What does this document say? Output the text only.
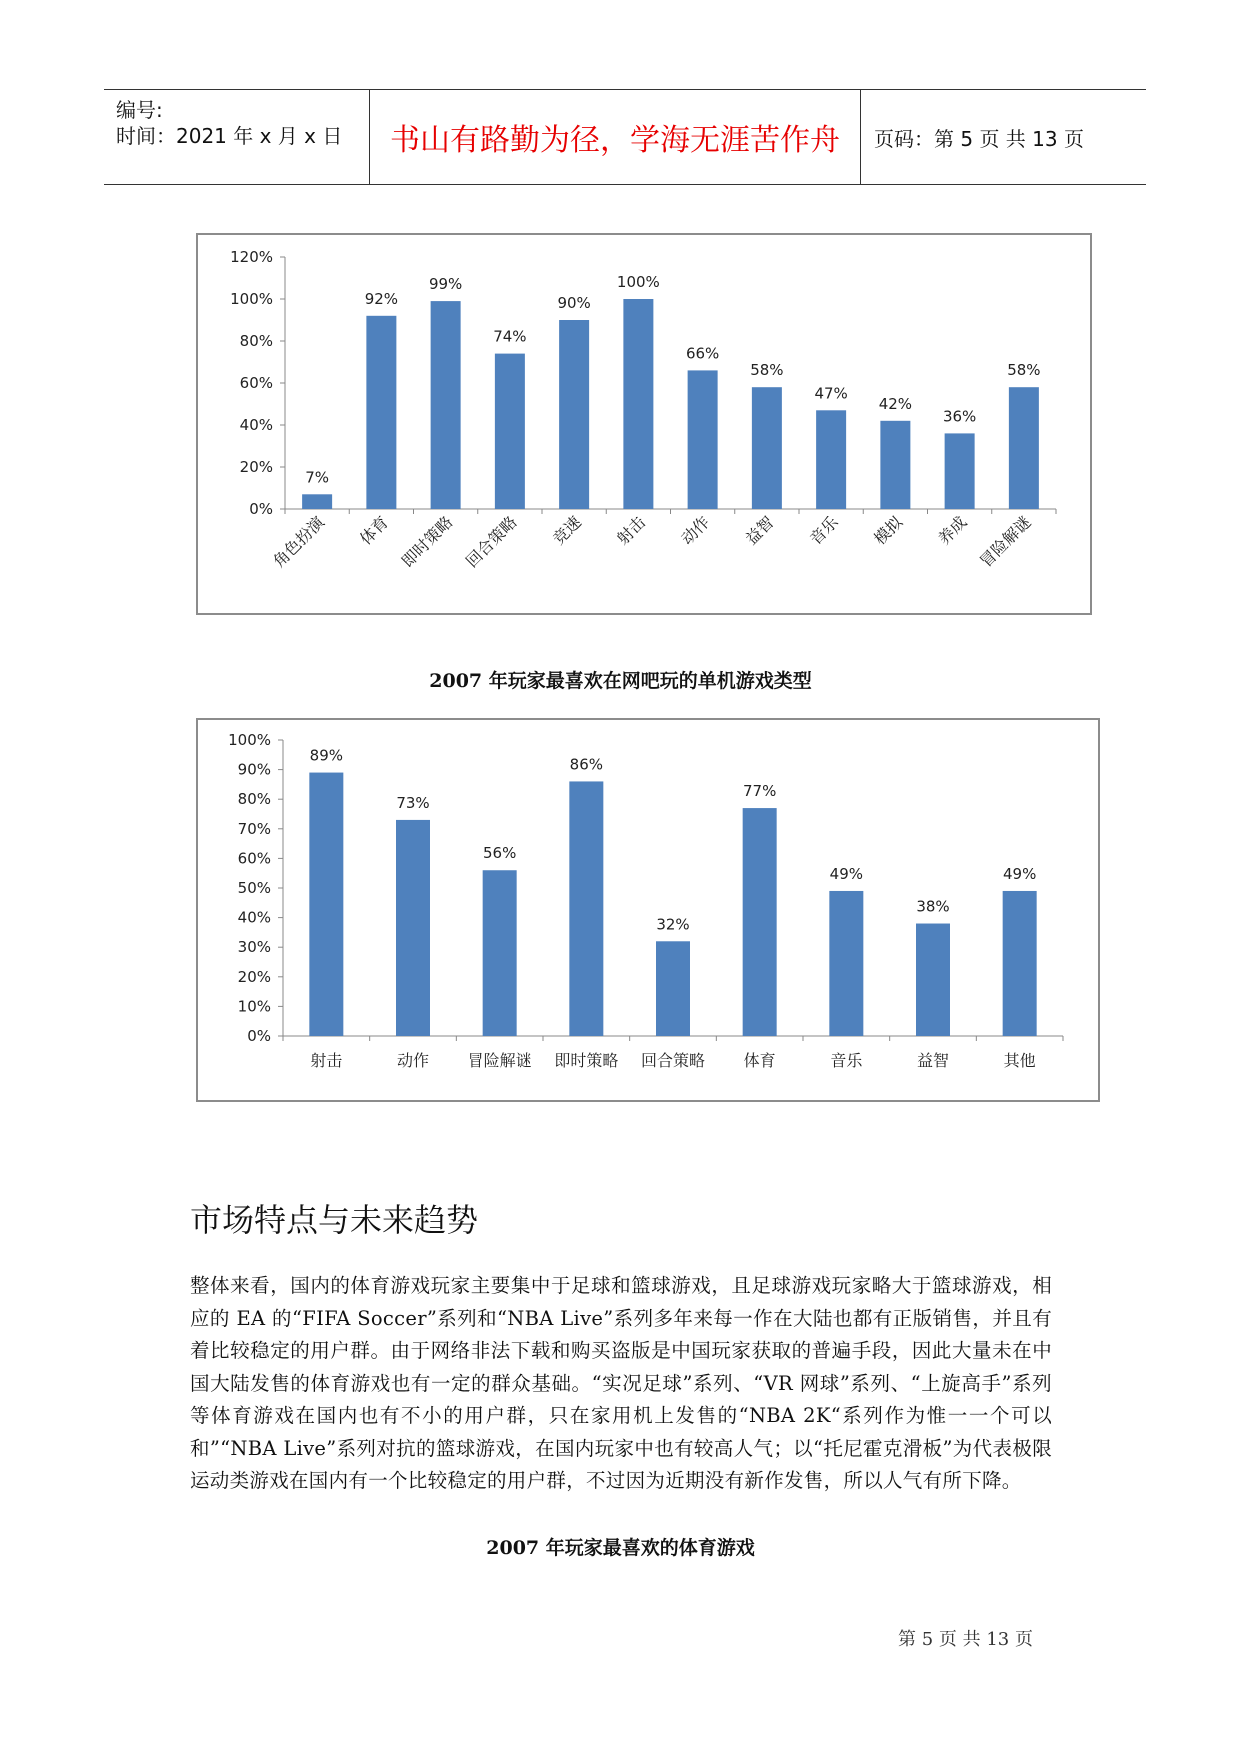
编号:
时间：2021 年 x 月 x 日 书山有路勤为径，学海无涯苦作舟 页码：第 5 页 共 13 页
0%
20%
40%
60%
80%
100%
120%
7%
角色扮演
92%
体育
99%
即时策略
74%
回合策略
90%
竞速
100%
射击
66%
动作
58%
益智
47%
音乐
42%
模拟
36%
养成
58%
冒险解谜
2007 年玩家最喜欢在网吧玩的单机游戏类型
0%
10%
20%
30%
40%
50%
60%
70%
80%
90%
100%
89%
射击
73%
动作
56%
冒险解谜
86%
即时策略
32%
回合策略
77%
体育
49%
音乐
38%
益智
49%
其他
市场特点与未来趋势
整体来看，国内的体育游戏玩家主要集中于足球和篮球游戏，且足球游戏玩家略大于篮球游戏，相应的 EA 的“FIFA Soccer”系列和“NBA Live”系列多年来每一作在大陆也都有正版销售，并且有着比较稳定的用户群。由于网络非法下载和购买盗版是中国玩家获取的普遍手段，因此大量未在中国大陆发售的体育游戏也有一定的群众基础。“实况足球”系列、“VR 网球”系列、“上旋高手”系列等体育游戏在国内也有不小的用户群，只在家用机上发售的“NBA 2K“系列作为惟一一个可以和”“NBA Live”系列对抗的篮球游戏，在国内玩家中也有较高人气；以“托尼霍克滑板”为代表极限运动类游戏在国内有一个比较稳定的用户群，不过因为近期没有新作发售，所以人气有所下降。
2007 年玩家最喜欢的体育游戏
第 5 页 共 13 页
